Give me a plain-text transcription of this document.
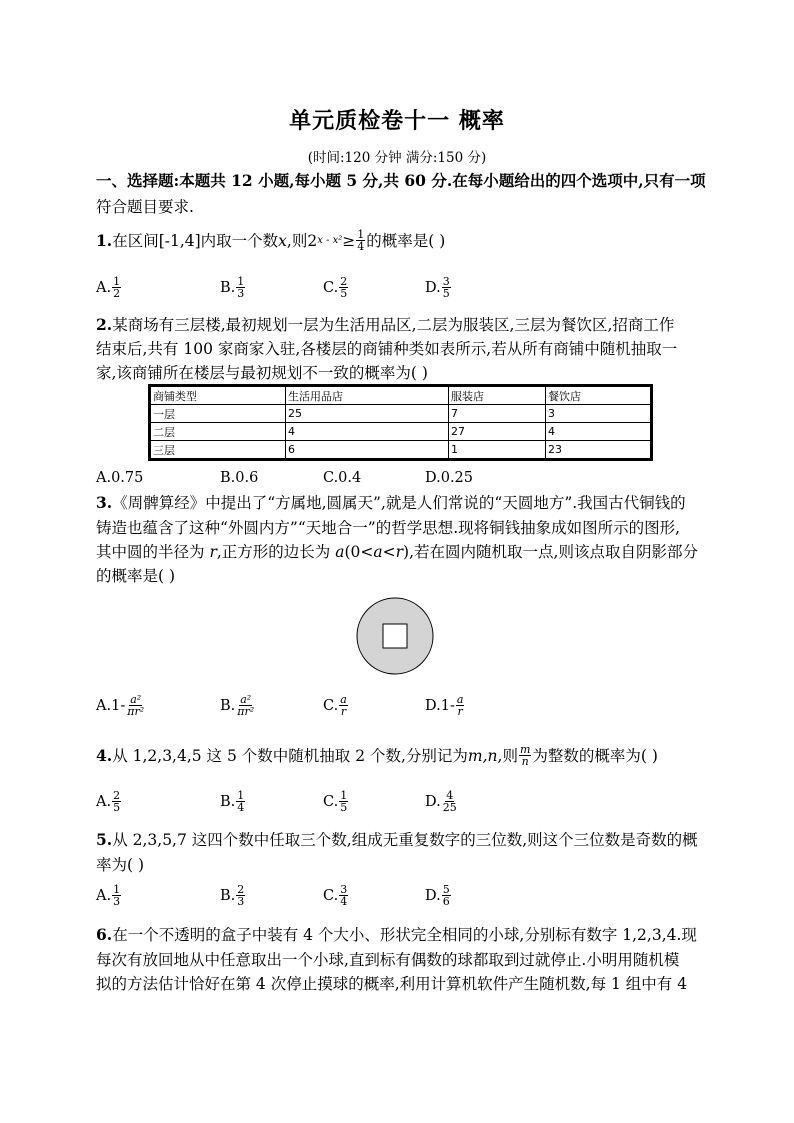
单元质检卷十一 概率
(时间:120 分钟 满分:150 分)
一、选择题:本题共 12 小题,每小题 5 分,共 60 分.在每小题给出的四个选项中,只有一项
符合题目要求.
1. 在区间[-1,4]内取一个数 x ,则 2 $x - x^2 \ge \frac{1}{4}$ 的概率是( )
A. $\frac{1}{2}$	B. $\frac{1}{3}$	C. $\frac{2}{5}$	D. $\frac{3}{5}$
2.某商场有三层楼,最初规划一层为生活用品区,二层为服装区,三层为餐饮区,招商工作
结束后,共有 100 家商家入驻,各楼层的商铺种类如表所示,若从所有商铺中随机抽取一
家,该商铺所在楼层与最初规划不一致的概率为( )
商铺类型	生活用品店	服装店	餐饮店
一层	25	7	3
二层	4	27	4
三层	6	1	23
A.0.75	B.0.6	C.0.4	D.0.25
3.《周髀算经》中提出了“方属地,圆属天”,就是人们常说的“天圆地方”.我国古代铜钱的
铸造也蕴含了这种“外圆内方”“天地合一”的哲学思想.现将铜钱抽象成如图所示的图形,
其中圆的半径为 r,正方形的边长为 a(0<a<r),若在圆内随机取一点,则该点取自阴影部分
的概率是( )
A. $1- \frac{\text{a²}}{\text{πr²}}$	B. $\frac{\text{a²}}{\text{πr²}}$	C. $\frac{a}{r}$	D. $1- \frac{a}{r}$
4. 从 1,2,3,4,5 这 5 个数中随机抽取 2 个数,分别记为 m,n ,则 $\frac{m}{n}$ 为整数的概率为( )
A. $\frac{2}{5}$	B. $\frac{1}{4}$	C. $\frac{1}{5}$	D. $\frac{4}{25}$
5.从 2,3,5,7 这四个数中任取三个数,组成无重复数字的三位数,则这个三位数是奇数的概
率为( )
A. $\frac{1}{3}$	B. $\frac{2}{3}$	C. $\frac{3}{4}$	D. $\frac{5}{6}$
6.在一个不透明的盒子中装有 4 个大小、形状完全相同的小球,分别标有数字 1,2,3,4.现
每次有放回地从中任意取出一个小球,直到标有偶数的球都取到过就停止.小明用随机模
拟的方法估计恰好在第 4 次停止摸球的概率,利用计算机软件产生随机数,每 1 组中有 4
